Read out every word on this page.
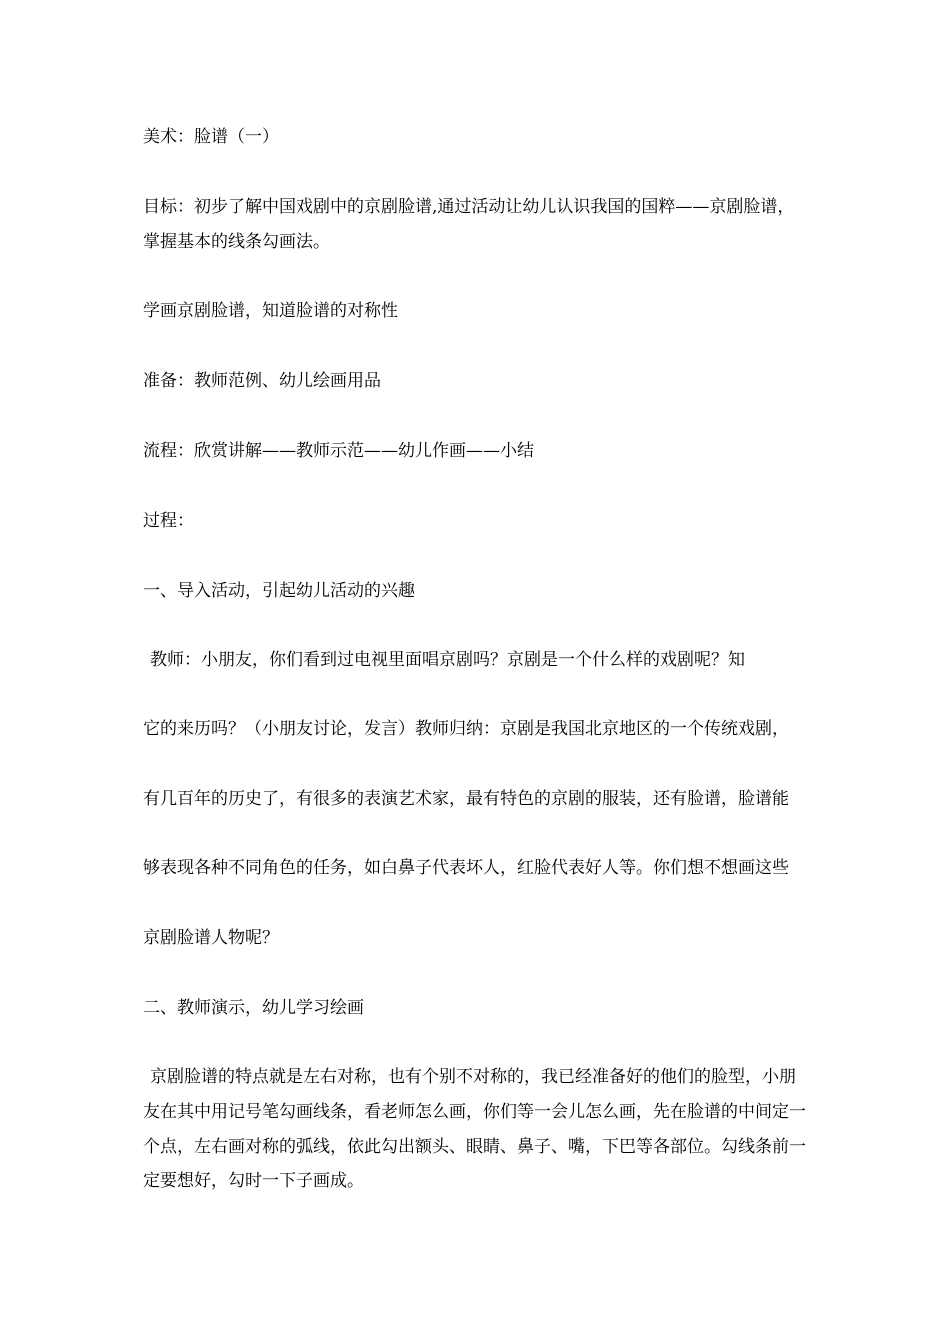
美术：脸谱（一）

目标：初步了解中国戏剧中的京剧脸谱,通过活动让幼儿认识我国的国粹——京剧脸谱，

掌握基本的线条勾画法。

学画京剧脸谱，知道脸谱的对称性

准备：教师范例、幼儿绘画用品

流程：欣赏讲解——教师示范——幼儿作画——小结

过程：

一、导入活动，引起幼儿活动的兴趣

教师：小朋友，你们看到过电视里面唱京剧吗？京剧是一个什么样的戏剧呢？知

它的来历吗？（小朋友讨论，发言）教师归纳：京剧是我国北京地区的一个传统戏剧，

有几百年的历史了，有很多的表演艺术家，最有特色的京剧的服装，还有脸谱，脸谱能

够表现各种不同角色的任务，如白鼻子代表坏人，红脸代表好人等。你们想不想画这些

京剧脸谱人物呢？

二、教师演示，幼儿学习绘画

京剧脸谱的特点就是左右对称，也有个别不对称的，我已经准备好的他们的脸型，小朋

友在其中用记号笔勾画线条，看老师怎么画，你们等一会儿怎么画，先在脸谱的中间定一

个点，左右画对称的弧线，依此勾出额头、眼睛、鼻子、嘴，下巴等各部位。勾线条前一

定要想好，勾时一下子画成。
